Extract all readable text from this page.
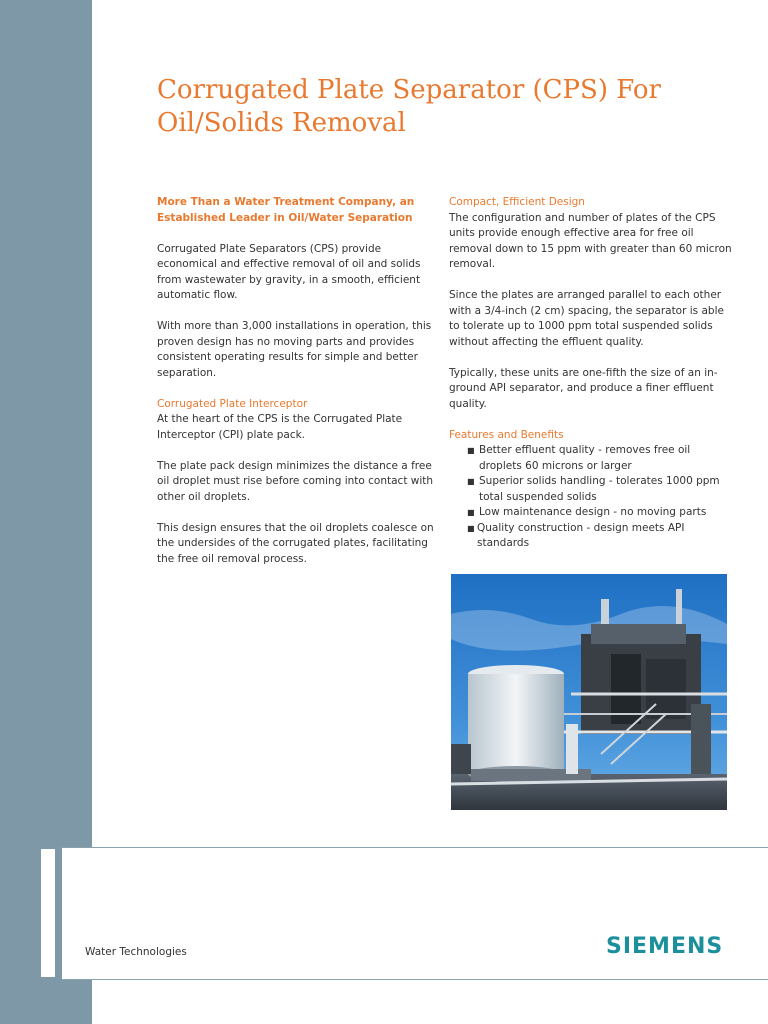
Corrugated Plate Separator (CPS) For Oil/Solids Removal

More Than a Water Treatment Company, an Established Leader in Oil/Water Separation

Corrugated Plate Separators (CPS) provide economical and effective removal of oil and solids from wastewater by gravity, in a smooth, efficient automatic flow.

With more than 3,000 installations in operation, this proven design has no moving parts and provides consistent operating results for simple and better separation.

Corrugated Plate Interceptor

At the heart of the CPS is the Corrugated Plate Interceptor (CPI) plate pack.

The plate pack design minimizes the distance a free oil droplet must rise before coming into contact with other oil droplets.

This design ensures that the oil droplets coalesce on the undersides of the corrugated plates, facilitating the free oil removal process.

Compact, Efficient Design

The configuration and number of plates of the CPS units provide enough effective area for free oil removal down to 15 ppm with greater than 60 micron removal.

Since the plates are arranged parallel to each other with a 3/4-inch (2 cm) spacing, the separator is able to tolerate up to 1000 ppm total suspended solids without affecting the effluent quality.

Typically, these units are one-fifth the size of an in-ground API separator, and produce a finer effluent quality.

Features and Benefits

■ Better effluent quality - removes free oil droplets 60 microns or larger
■ Superior solids handling - tolerates 1000 ppm total suspended solids
■ Low maintenance design - no moving parts
■ Quality construction - design meets API standards
Water Technologies	SIEMENS
